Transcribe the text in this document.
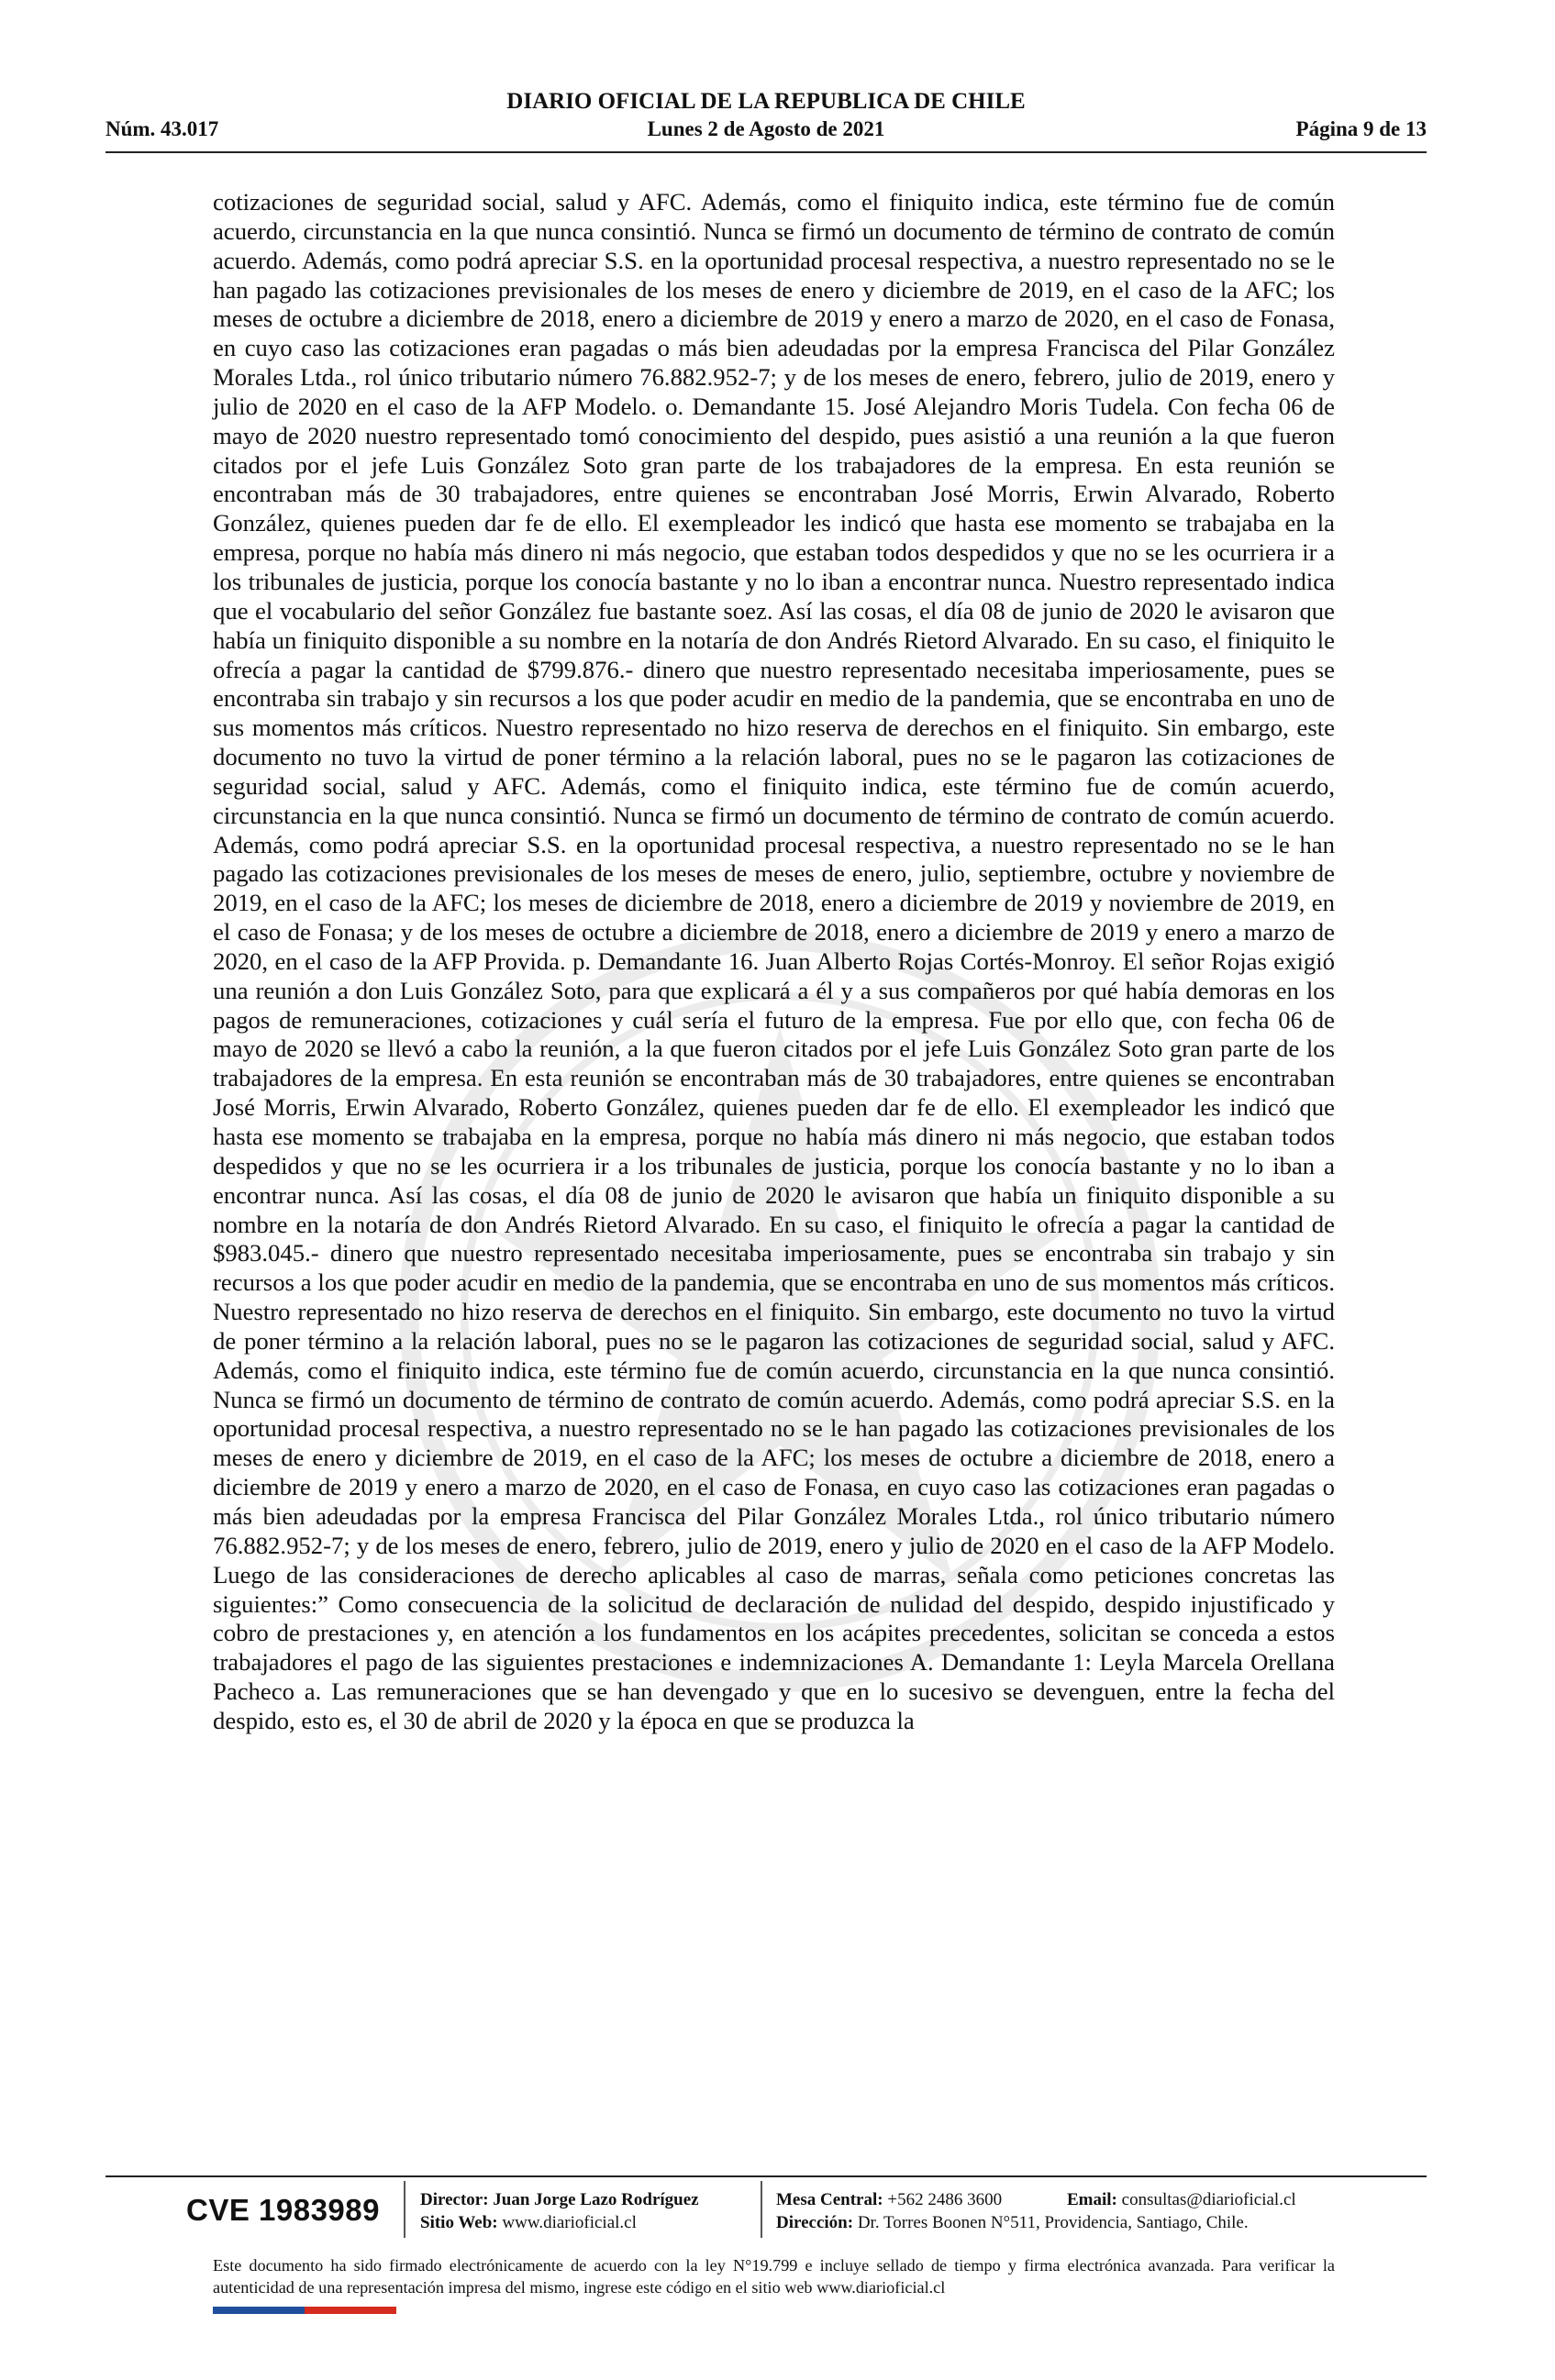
DIARIO OFICIAL DE LA REPUBLICA DE CHILE
Núm. 43.017	Lunes 2 de Agosto de 2021	Página 9 de 13

cotizaciones de seguridad social, salud y AFC. Además, como el finiquito indica, este término fue de común acuerdo, circunstancia en la que nunca consintió. Nunca se firmó un documento de término de contrato de común acuerdo. Además, como podrá apreciar S.S. en la oportunidad procesal respectiva, a nuestro representado no se le han pagado las cotizaciones previsionales de los meses de enero y diciembre de 2019, en el caso de la AFC; los meses de octubre a diciembre de 2018, enero a diciembre de 2019 y enero a marzo de 2020, en el caso de Fonasa, en cuyo caso las cotizaciones eran pagadas o más bien adeudadas por la empresa Francisca del Pilar González Morales Ltda., rol único tributario número 76.882.952-7; y de los meses de enero, febrero, julio de 2019, enero y julio de 2020 en el caso de la AFP Modelo. o. Demandante 15. José Alejandro Moris Tudela. Con fecha 06 de mayo de 2020 nuestro representado tomó conocimiento del despido, pues asistió a una reunión a la que fueron citados por el jefe Luis González Soto gran parte de los trabajadores de la empresa. En esta reunión se encontraban más de 30 trabajadores, entre quienes se encontraban José Morris, Erwin Alvarado, Roberto González, quienes pueden dar fe de ello. El exempleador les indicó que hasta ese momento se trabajaba en la empresa, porque no había más dinero ni más negocio, que estaban todos despedidos y que no se les ocurriera ir a los tribunales de justicia, porque los conocía bastante y no lo iban a encontrar nunca. Nuestro representado indica que el vocabulario del señor González fue bastante soez. Así las cosas, el día 08 de junio de 2020 le avisaron que había un finiquito disponible a su nombre en la notaría de don Andrés Rietord Alvarado. En su caso, el finiquito le ofrecía a pagar la cantidad de $799.876.- dinero que nuestro representado necesitaba imperiosamente, pues se encontraba sin trabajo y sin recursos a los que poder acudir en medio de la pandemia, que se encontraba en uno de sus momentos más críticos. Nuestro representado no hizo reserva de derechos en el finiquito. Sin embargo, este documento no tuvo la virtud de poner término a la relación laboral, pues no se le pagaron las cotizaciones de seguridad social, salud y AFC. Además, como el finiquito indica, este término fue de común acuerdo, circunstancia en la que nunca consintió. Nunca se firmó un documento de término de contrato de común acuerdo. Además, como podrá apreciar S.S. en la oportunidad procesal respectiva, a nuestro representado no se le han pagado las cotizaciones previsionales de los meses de meses de enero, julio, septiembre, octubre y noviembre de 2019, en el caso de la AFC; los meses de diciembre de 2018, enero a diciembre de 2019 y noviembre de 2019, en el caso de Fonasa; y de los meses de octubre a diciembre de 2018, enero a diciembre de 2019 y enero a marzo de 2020, en el caso de la AFP Provida. p. Demandante 16. Juan Alberto Rojas Cortés-Monroy. El señor Rojas exigió una reunión a don Luis González Soto, para que explicará a él y a sus compañeros por qué había demoras en los pagos de remuneraciones, cotizaciones y cuál sería el futuro de la empresa. Fue por ello que, con fecha 06 de mayo de 2020 se llevó a cabo la reunión, a la que fueron citados por el jefe Luis González Soto gran parte de los trabajadores de la empresa. En esta reunión se encontraban más de 30 trabajadores, entre quienes se encontraban José Morris, Erwin Alvarado, Roberto González, quienes pueden dar fe de ello. El exempleador les indicó que hasta ese momento se trabajaba en la empresa, porque no había más dinero ni más negocio, que estaban todos despedidos y que no se les ocurriera ir a los tribunales de justicia, porque los conocía bastante y no lo iban a encontrar nunca. Así las cosas, el día 08 de junio de 2020 le avisaron que había un finiquito disponible a su nombre en la notaría de don Andrés Rietord Alvarado. En su caso, el finiquito le ofrecía a pagar la cantidad de $983.045.- dinero que nuestro representado necesitaba imperiosamente, pues se encontraba sin trabajo y sin recursos a los que poder acudir en medio de la pandemia, que se encontraba en uno de sus momentos más críticos. Nuestro representado no hizo reserva de derechos en el finiquito. Sin embargo, este documento no tuvo la virtud de poner término a la relación laboral, pues no se le pagaron las cotizaciones de seguridad social, salud y AFC. Además, como el finiquito indica, este término fue de común acuerdo, circunstancia en la que nunca consintió. Nunca se firmó un documento de término de contrato de común acuerdo. Además, como podrá apreciar S.S. en la oportunidad procesal respectiva, a nuestro representado no se le han pagado las cotizaciones previsionales de los meses de enero y diciembre de 2019, en el caso de la AFC; los meses de octubre a diciembre de 2018, enero a diciembre de 2019 y enero a marzo de 2020, en el caso de Fonasa, en cuyo caso las cotizaciones eran pagadas o más bien adeudadas por la empresa Francisca del Pilar González Morales Ltda., rol único tributario número 76.882.952-7; y de los meses de enero, febrero, julio de 2019, enero y julio de 2020 en el caso de la AFP Modelo. Luego de las consideraciones de derecho aplicables al caso de marras, señala como peticiones concretas las siguientes:” Como consecuencia de la solicitud de declaración de nulidad del despido, despido injustificado y cobro de prestaciones y, en atención a los fundamentos en los acápites precedentes, solicitan se conceda a estos trabajadores el pago de las siguientes prestaciones e indemnizaciones A. Demandante 1: Leyla Marcela Orellana Pacheco a. Las remuneraciones que se han devengado y que en lo sucesivo se devenguen, entre la fecha del despido, esto es, el 30 de abril de 2020 y la época en que se produzca la

CVE 1983989 Director: Juan Jorge Lazo Rodríguez
Sitio Web: www.diarioficial.cl
Mesa Central: +562 2486 3600	Email: consultas@diarioficial.cl
Dirección: Dr. Torres Boonen N°511, Providencia, Santiago, Chile.

Este documento ha sido firmado electrónicamente de acuerdo con la ley N°19.799 e incluye sellado de tiempo y firma electrónica avanzada. Para verificar la autenticidad de una representación impresa del mismo, ingrese este código en el sitio web www.diarioficial.cl
